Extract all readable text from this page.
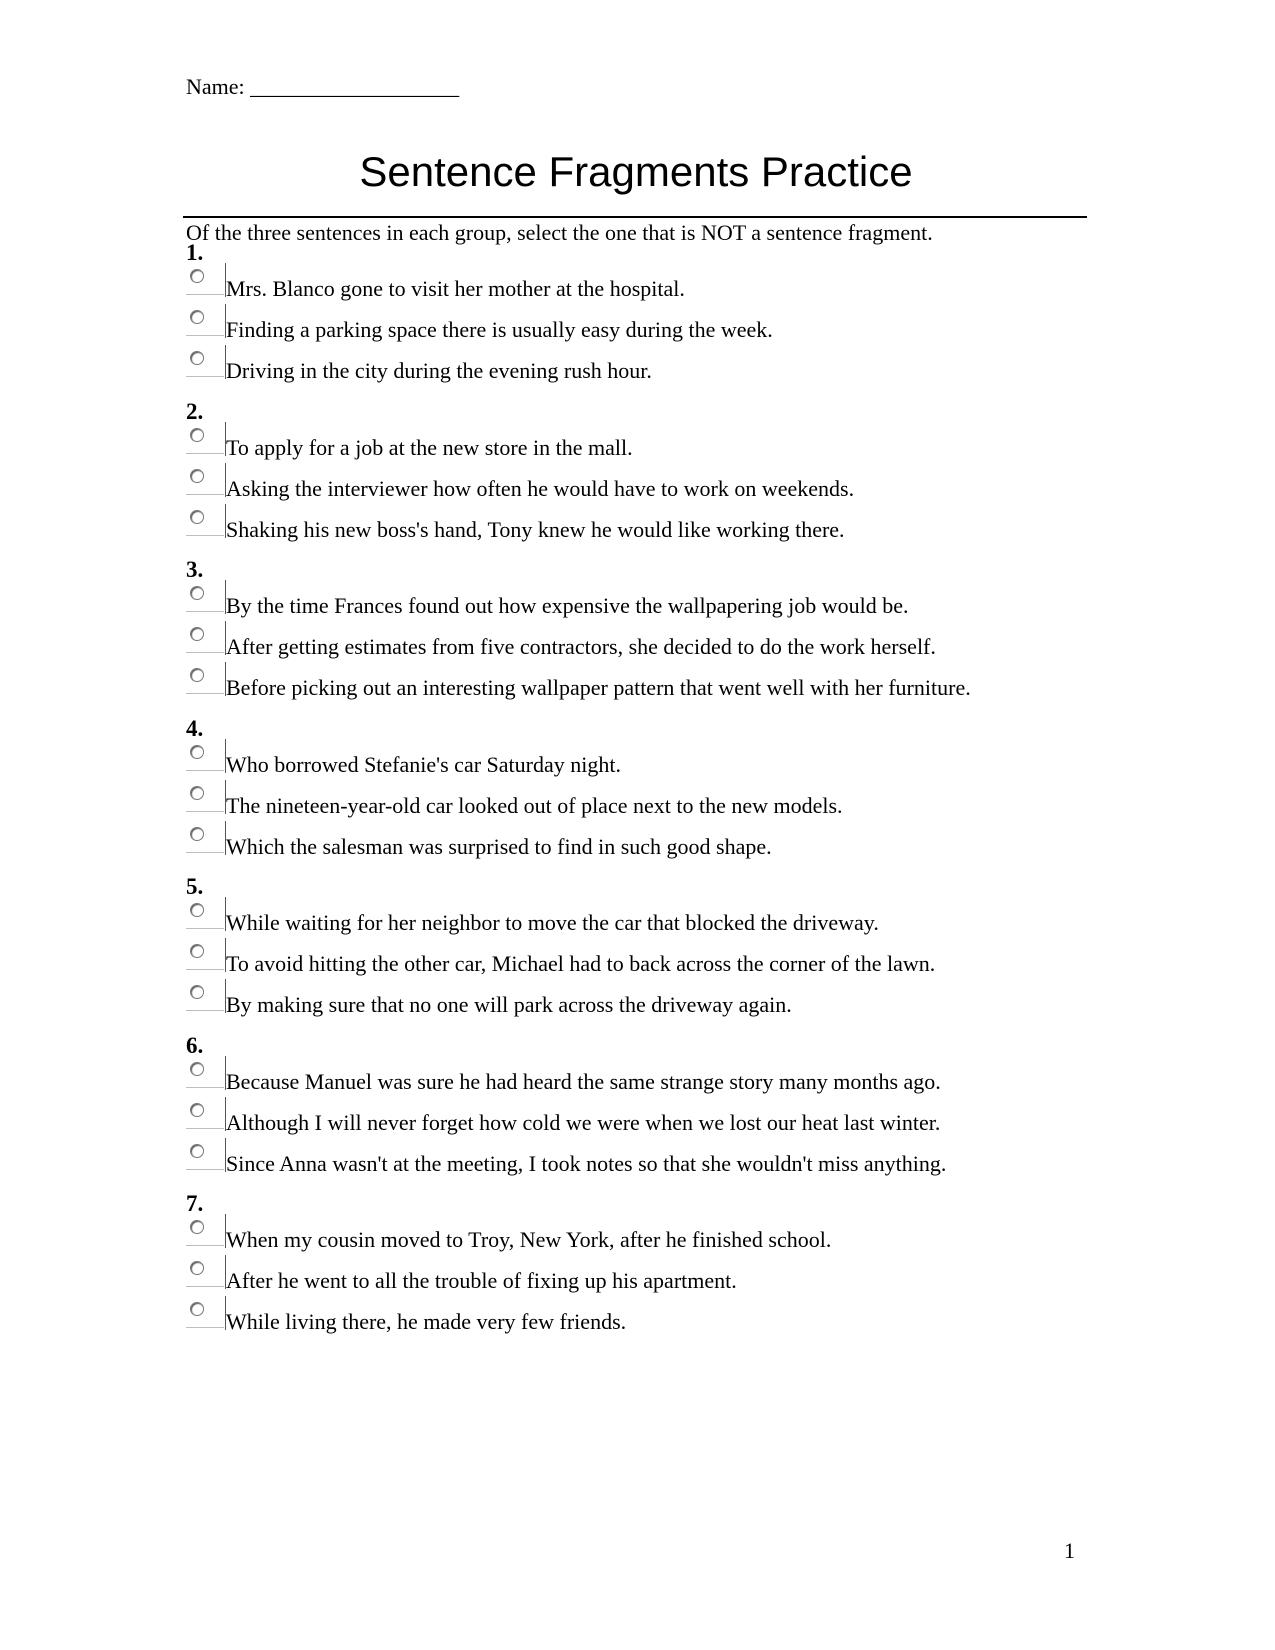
Name: ___________________
Sentence Fragments Practice
Of the three sentences in each group, select the one that is NOT a sentence fragment.
1.
Mrs. Blanco gone to visit her mother at the hospital.
Finding a parking space there is usually easy during the week.
Driving in the city during the evening rush hour.
2.
To apply for a job at the new store in the mall.
Asking the interviewer how often he would have to work on weekends.
Shaking his new boss's hand, Tony knew he would like working there.
3.
By the time Frances found out how expensive the wallpapering job would be.
After getting estimates from five contractors, she decided to do the work herself.
Before picking out an interesting wallpaper pattern that went well with her furniture.
4.
Who borrowed Stefanie's car Saturday night.
The nineteen-year-old car looked out of place next to the new models.
Which the salesman was surprised to find in such good shape.
5.
While waiting for her neighbor to move the car that blocked the driveway.
To avoid hitting the other car, Michael had to back across the corner of the lawn.
By making sure that no one will park across the driveway again.
6.
Because Manuel was sure he had heard the same strange story many months ago.
Although I will never forget how cold we were when we lost our heat last winter.
Since Anna wasn't at the meeting, I took notes so that she wouldn't miss anything.
7.
When my cousin moved to Troy, New York, after he finished school.
After he went to all the trouble of fixing up his apartment.
While living there, he made very few friends.
1
